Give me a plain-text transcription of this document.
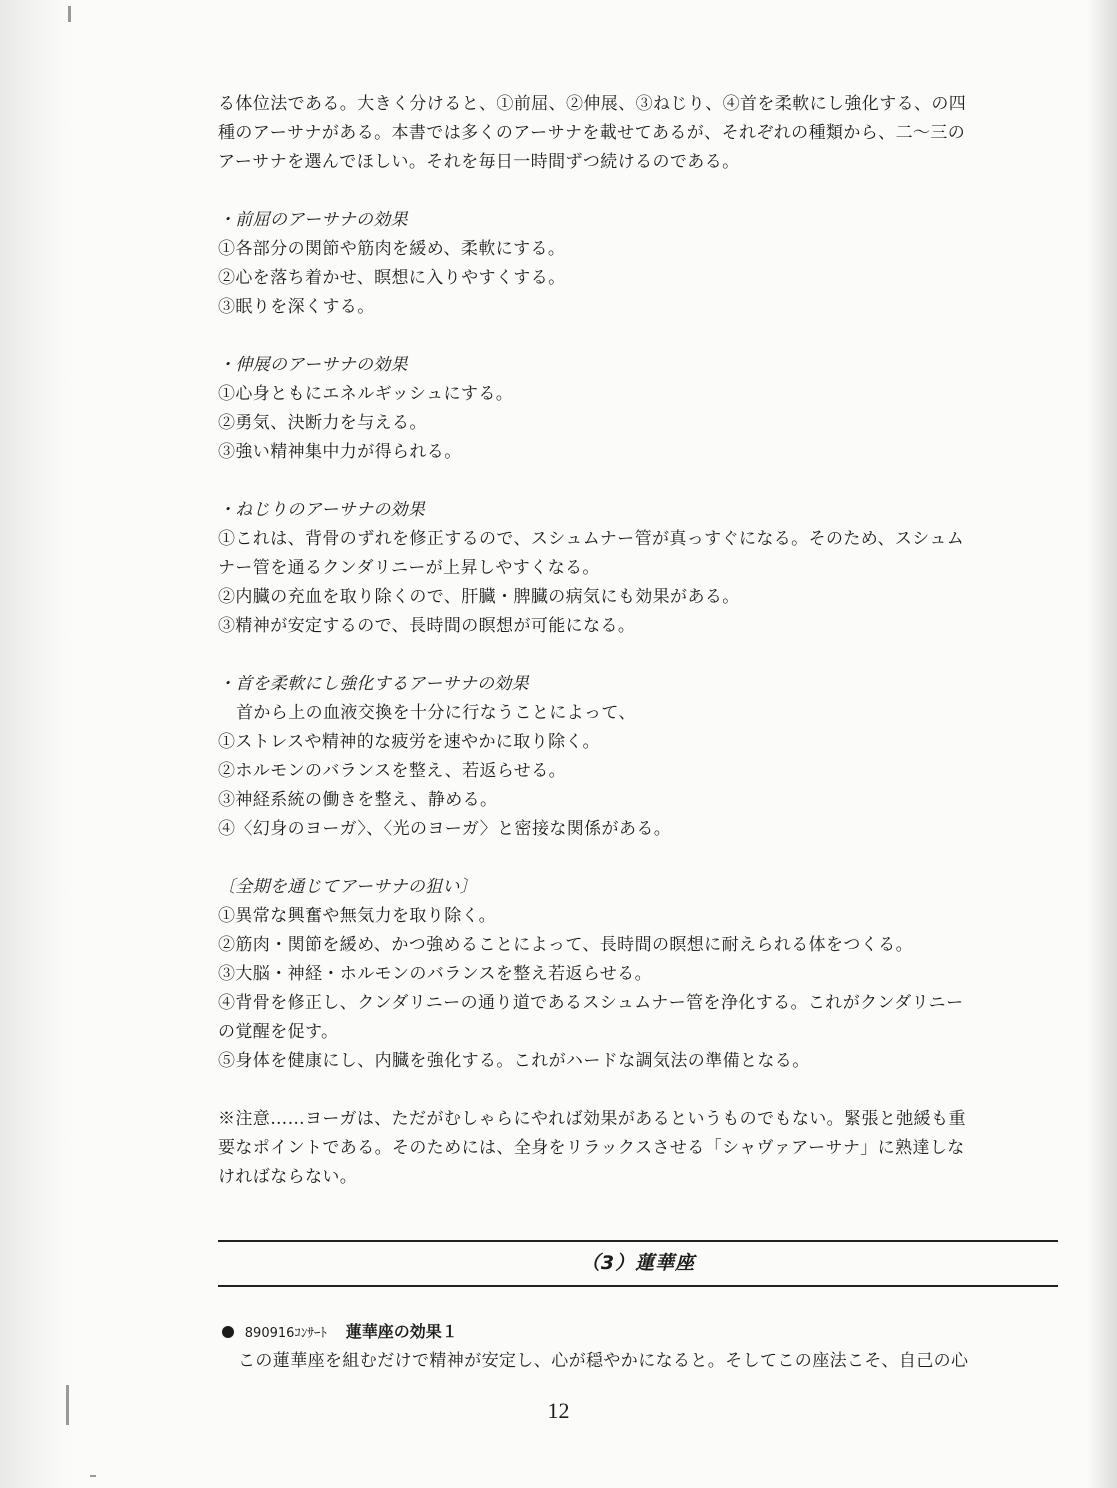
る体位法である。大きく分けると、①前屈、②伸展、③ねじり、④首を柔軟にし強化する、の四

種のアーサナがある。本書では多くのアーサナを載せてあるが、それぞれの種類から、二～三の

アーサナを選んでほしい。それを毎日一時間ずつ続けるのである。

・前屈のアーサナの効果

①各部分の関節や筋肉を緩め、柔軟にする。

②心を落ち着かせ、瞑想に入りやすくする。

③眠りを深くする。

・伸展のアーサナの効果

①心身ともにエネルギッシュにする。

②勇気、決断力を与える。

③強い精神集中力が得られる。

・ねじりのアーサナの効果

①これは、背骨のずれを修正するので、スシュムナー管が真っすぐになる。そのため、スシュム

ナー管を通るクンダリニーが上昇しやすくなる。

②内臓の充血を取り除くので、肝臓・脾臓の病気にも効果がある。

③精神が安定するので、長時間の瞑想が可能になる。

・首を柔軟にし強化するアーサナの効果

首から上の血液交換を十分に行なうことによって、

①ストレスや精神的な疲労を速やかに取り除く。

②ホルモンのバランスを整え、若返らせる。

③神経系統の働きを整え、静める。

④〈幻身のヨーガ〉、〈光のヨーガ〉と密接な関係がある。

〔全期を通じてアーサナの狙い〕

①異常な興奮や無気力を取り除く。

②筋肉・関節を緩め、かつ強めることによって、長時間の瞑想に耐えられる体をつくる。

③大脳・神経・ホルモンのバランスを整え若返らせる。

④背骨を修正し、クンダリニーの通り道であるスシュムナー管を浄化する。これがクンダリニー

の覚醒を促す。

⑤身体を健康にし、内臓を強化する。これがハードな調気法の準備となる。

※注意……ヨーガは、ただがむしゃらにやれば効果があるというものでもない。緊張と弛緩も重

要なポイントである。そのためには、全身をリラックスさせる「シャヴァアーサナ」に熟達しな

ければならない。

（3）蓮華座
890916ｺﾝｻｰﾄ 蓮華座の効果１
この蓮華座を組むだけで精神が安定し、心が穏やかになると。そしてこの座法こそ、自己の心
12
